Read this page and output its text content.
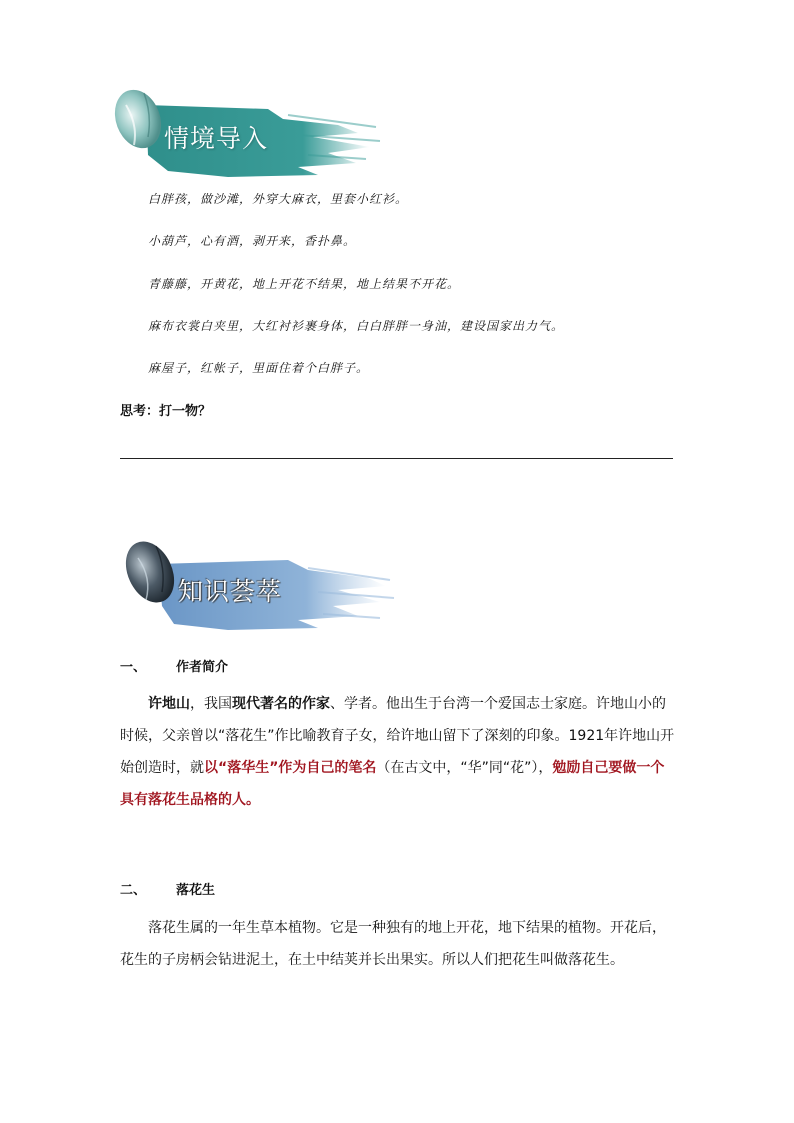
情境导入
白胖孩，做沙滩，外穿大麻衣，里套小红衫。
小葫芦，心有酒，剥开来，香扑鼻。
青藤藤，开黄花，地上开花不结果，地上结果不开花。
麻布衣裳白夹里，大红衬衫裹身体，白白胖胖一身油，建设国家出力气。
麻屋子，红帐子，里面住着个白胖子。
思考：打一物？
知识荟萃
一、 作者简介
许地山，我国现代著名的作家、学者。他出生于台湾一个爱国志士家庭。许地山小的时候，父亲曾以“落花生”作比喻教育子女，给许地山留下了深刻的印象。1921年许地山开始创造时，就以“落华生”作为自己的笔名（在古文中，“华”同“花”），勉励自己要做一个具有落花生品格的人。
二、 落花生
落花生属的一年生草本植物。它是一种独有的地上开花，地下结果的植物。开花后，花生的子房柄会钻进泥土，在土中结荚并长出果实。所以人们把花生叫做落花生。
